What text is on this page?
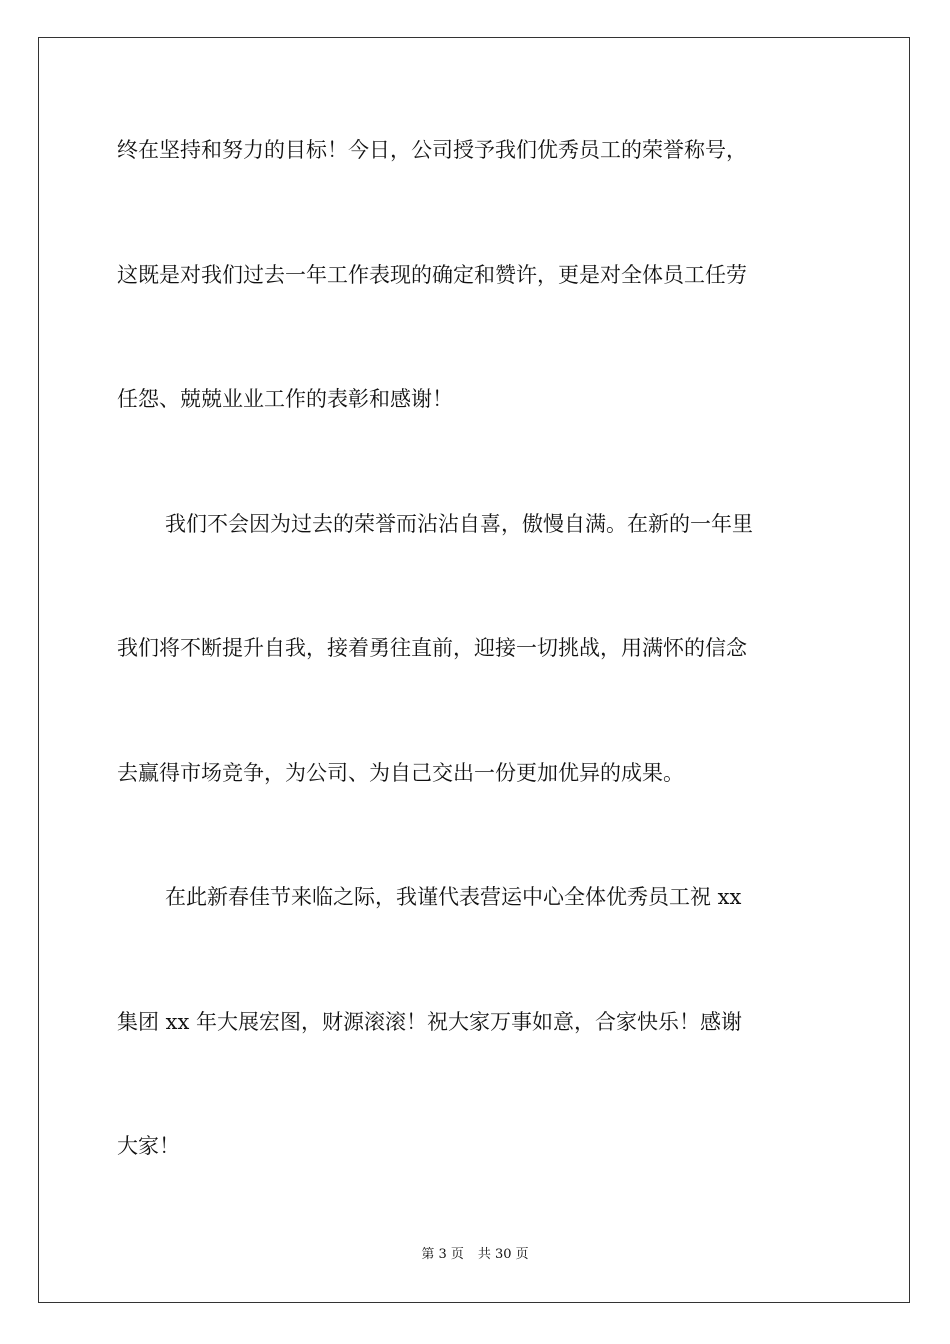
终在坚持和努力的目标！今日，公司授予我们优秀员工的荣誉称号，
这既是对我们过去一年工作表现的确定和赞许，更是对全体员工任劳
任怨、兢兢业业工作的表彰和感谢！
我们不会因为过去的荣誉而沾沾自喜，傲慢自满。在新的一年里
我们将不断提升自我，接着勇往直前，迎接一切挑战，用满怀的信念
去赢得市场竞争，为公司、为自己交出一份更加优异的成果。
在此新春佳节来临之际，我谨代表营运中心全体优秀员工祝 xx
集团 xx 年大展宏图，财源滚滚！祝大家万事如意，合家快乐！感谢
大家！
第 3 页 共 30 页
